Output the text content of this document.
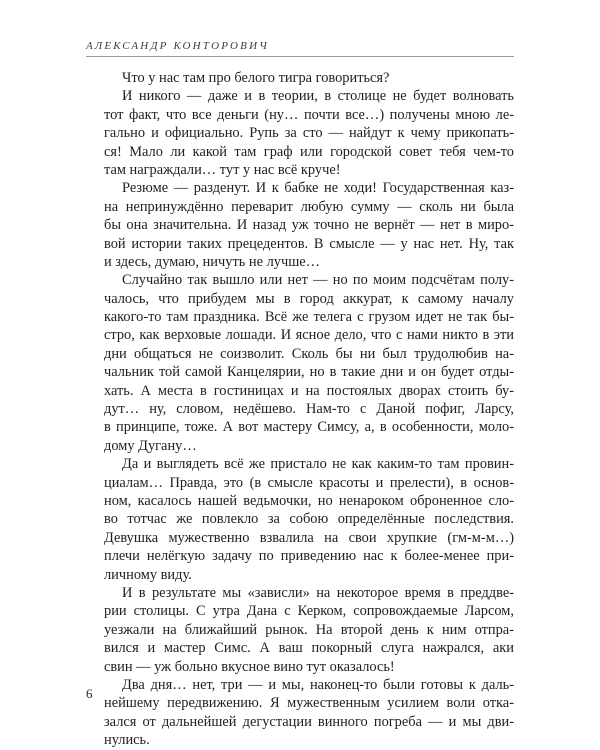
АЛЕКСАНДР КОНТОРОВИЧ

Что у нас там про белого тигра говориться?

И никого — даже и в теории, в столице не будет волновать
тот факт, что все деньги (ну… почти все…) получены мною ле-
гально и официально. Рупь за сто — найдут к чему прикопать-
ся! Мало ли какой там граф или городской совет тебя чем-то
там награждали… тут у нас всё круче!

Резюме — разденут. И к бабке не ходи! Государственная каз-
на непринуждённо переварит любую сумму — сколь ни была
бы она значительна. И назад уж точно не вернёт — нет в миро-
вой истории таких прецедентов. В смысле — у нас нет. Ну, так
и здесь, думаю, ничуть не лучше…

Случайно так вышло или нет — но по моим подсчётам полу-
чалось, что прибудем мы в город аккурат, к самому началу
какого-то там праздника. Всё же телега с грузом идет не так бы-
стро, как верховые лошади. И ясное дело, что с нами никто в эти
дни общаться не соизволит. Сколь бы ни был трудолюбив на-
чальник той самой Канцелярии, но в такие дни и он будет отды-
хать. А места в гостиницах и на постоялых дворах стоить бу-
дут… ну, словом, недёшево. Нам-то с Даной пофиг, Ларсу,
в принципе, тоже. А вот мастеру Симсу, а, в особенности, моло-
дому Дугану…

Да и выглядеть всё же пристало не как каким-то там провин-
циалам… Правда, это (в смысле красоты и прелести), в основ-
ном, касалось нашей ведьмочки, но ненароком оброненное сло-
во тотчас же повлекло за собою определённые последствия.
Девушка мужественно взвалила на свои хрупкие (гм-м-м…)
плечи нелёгкую задачу по приведению нас к более-менее при-
личному виду.

И в результате мы «зависли» на некоторое время в преддве-
рии столицы. С утра Дана с Керком, сопровождаемые Ларсом,
уезжали на ближайший рынок. На второй день к ним отпра-
вился и мастер Симс. А ваш покорный слуга нажрался, аки
свин — уж больно вкусное вино тут оказалось!

Два дня… нет, три — и мы, наконец-то были готовы к даль-
нейшему передвижению. Я мужественным усилием воли отка-
зался от дальнейшей дегустации винного погреба — и мы дви-
нулись.

6
